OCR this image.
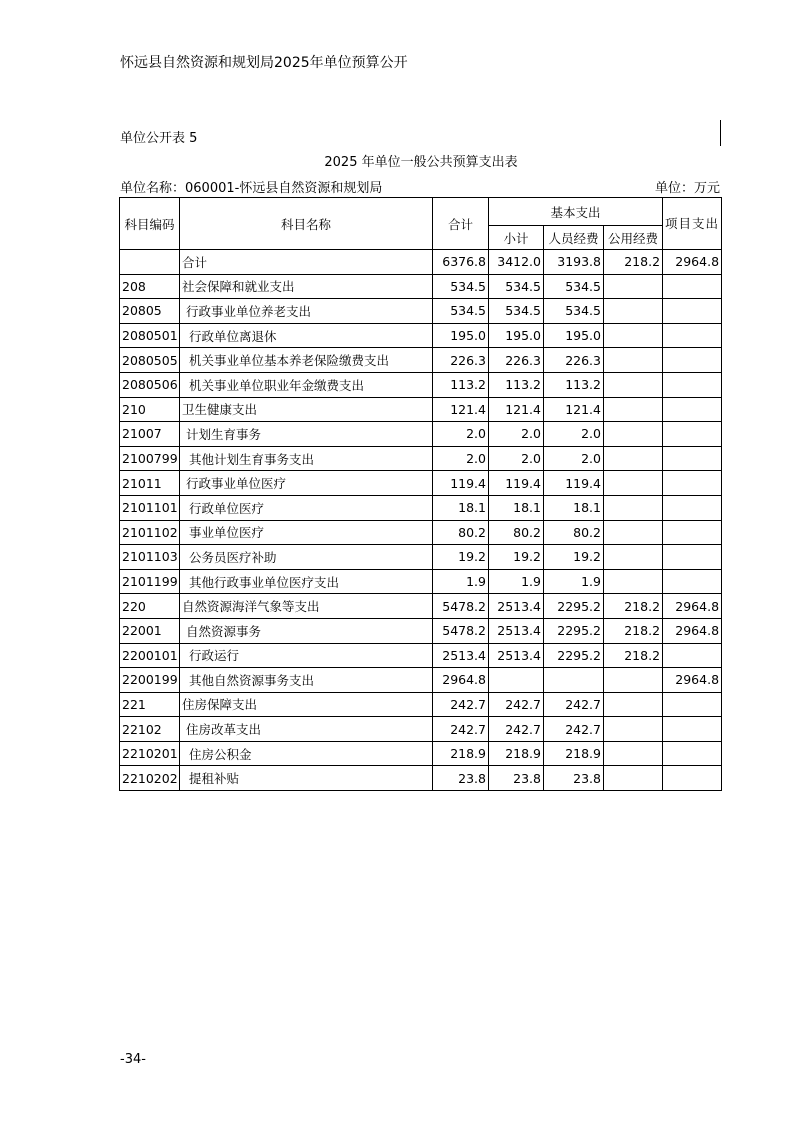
怀远县自然资源和规划局2025年单位预算公开
单位公开表 5
2025 年单位一般公共预算支出表
单位名称：060001-怀远县自然资源和规划局	单位：万元
科目编码	科目名称	合计	基本支出			项目支出
			小计	人员经费	公用经费	
	合计	6376.8	3412.0	3193.8	218.2	2964.8
208	社会保障和就业支出	534.5	534.5	534.5		
20805	行政事业单位养老支出	534.5	534.5	534.5		
2080501	行政单位离退休	195.0	195.0	195.0		
2080505	机关事业单位基本养老保险缴费支出	226.3	226.3	226.3		
2080506	机关事业单位职业年金缴费支出	113.2	113.2	113.2		
210	卫生健康支出	121.4	121.4	121.4		
21007	计划生育事务	2.0	2.0	2.0		
2100799	其他计划生育事务支出	2.0	2.0	2.0		
21011	行政事业单位医疗	119.4	119.4	119.4		
2101101	行政单位医疗	18.1	18.1	18.1		
2101102	事业单位医疗	80.2	80.2	80.2		
2101103	公务员医疗补助	19.2	19.2	19.2		
2101199	其他行政事业单位医疗支出	1.9	1.9	1.9		
220	自然资源海洋气象等支出	5478.2	2513.4	2295.2	218.2	2964.8
22001	自然资源事务	5478.2	2513.4	2295.2	218.2	2964.8
2200101	行政运行	2513.4	2513.4	2295.2	218.2	
2200199	其他自然资源事务支出	2964.8				2964.8
221	住房保障支出	242.7	242.7	242.7		
22102	住房改革支出	242.7	242.7	242.7		
2210201	住房公积金	218.9	218.9	218.9		
2210202	提租补贴	23.8	23.8	23.8		
-34-
